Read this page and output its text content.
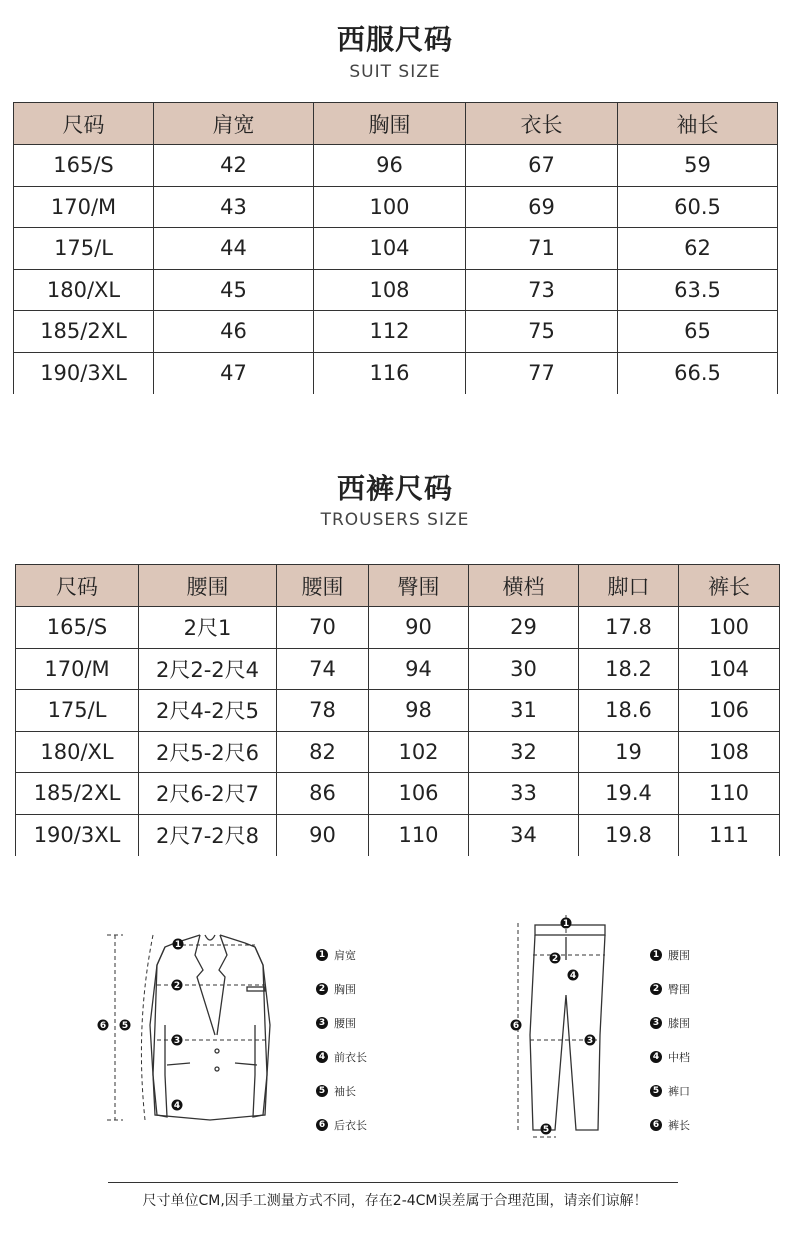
西服尺码
SUIT SIZE
尺码	肩宽	胸围	衣长	袖长
165/S	42	96	67	59
170/M	43	100	69	60.5
175/L	44	104	71	62
180/XL	45	108	73	63.5
185/2XL	46	112	75	65
190/3XL	47	116	77	66.5
西裤尺码
TROUSERS SIZE
尺码	腰围	腰围	臀围	横档	脚口	裤长
165/S	2尺1	70	90	29	17.8	100
170/M	2尺2-2尺4	74	94	30	18.2	104
175/L	2尺4-2尺5	78	98	31	18.6	106
180/XL	2尺5-2尺6	82	102	32	19	108
185/2XL	2尺6-2尺7	86	106	33	19.4	110
190/3XL	2尺7-2尺8	90	110	34	19.8	111
1
2
3
4
5
6
1 肩宽
2 胸围
3 腰围
4 前衣长
5 袖长
6 后衣长
1
2
3
4
5
6
1 腰围
2 臀围
3 膝围
4 中档
5 裤口
6 裤长
尺寸单位CM,因手工测量方式不同，存在2-4CM误差属于合理范围，请亲们谅解！
